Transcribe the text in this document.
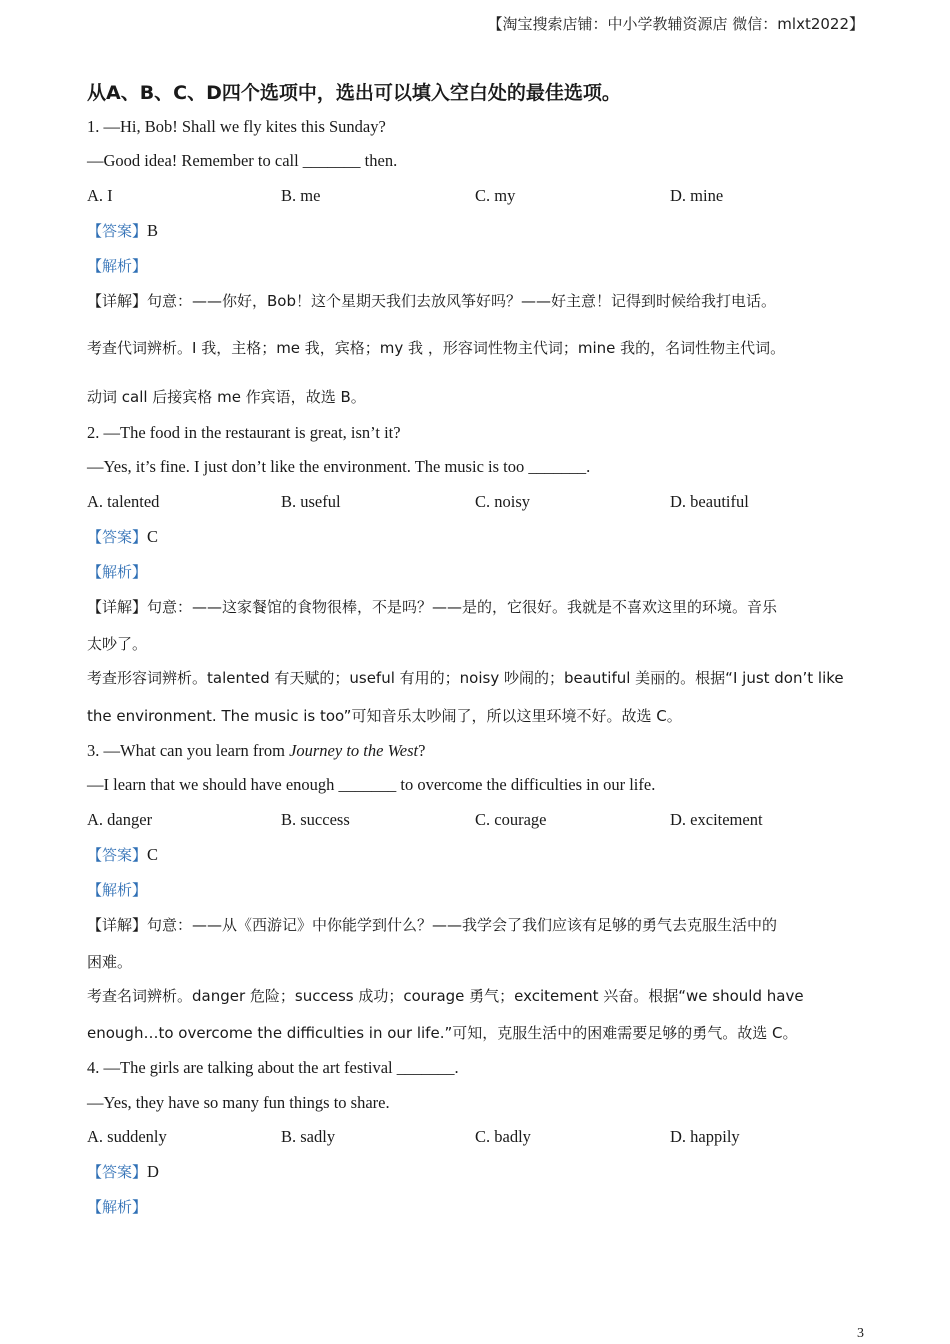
【淘宝搜索店铺：中小学教辅资源店 微信：mlxt2022】
从A、B、C、D四个选项中，选出可以填入空白处的最佳选项。
1. —Hi, Bob! Shall we fly kites this Sunday?
—Good idea! Remember to call _______ then.
A. I	B. me	C. my	D. mine
【答案】B
【解析】
【详解】句意：——你好，Bob！这个星期天我们去放风筝好吗？——好主意！记得到时候给我打电话。
考查代词辨析。I 我，主格；me 我，宾格；my 我 ，形容词性物主代词；mine 我的，名词性物主代词。
动词 call 后接宾格 me 作宾语，故选 B。
2. —The food in the restaurant is great, isn’t it?
—Yes, it’s fine. I just don’t like the environment. The music is too _______.
A. talented	B. useful	C. noisy	D. beautiful
【答案】C
【解析】
【详解】句意：——这家餐馆的食物很棒，不是吗？——是的，它很好。我就是不喜欢这里的环境。音乐
太吵了。
考查形容词辨析。talented 有天赋的；useful 有用的；noisy 吵闹的；beautiful 美丽的。根据“I just don’t like
the environment. The music is too”可知音乐太吵闹了，所以这里环境不好。故选 C。
3. —What can you learn from Journey to the West?
—I learn that we should have enough _______ to overcome the difficulties in our life.
A. danger	B. success	C. courage	D. excitement
【答案】C
【解析】
【详解】句意：——从《西游记》中你能学到什么？——我学会了我们应该有足够的勇气去克服生活中的
困难。
考查名词辨析。danger 危险；success 成功；courage 勇气；excitement 兴奋。根据“we should have
enough…to overcome the difficulties in our life.”可知，克服生活中的困难需要足够的勇气。故选 C。
4. —The girls are talking about the art festival _______.
—Yes, they have so many fun things to share.
A. suddenly	B. sadly	C. badly	D. happily
【答案】D
【解析】
3
